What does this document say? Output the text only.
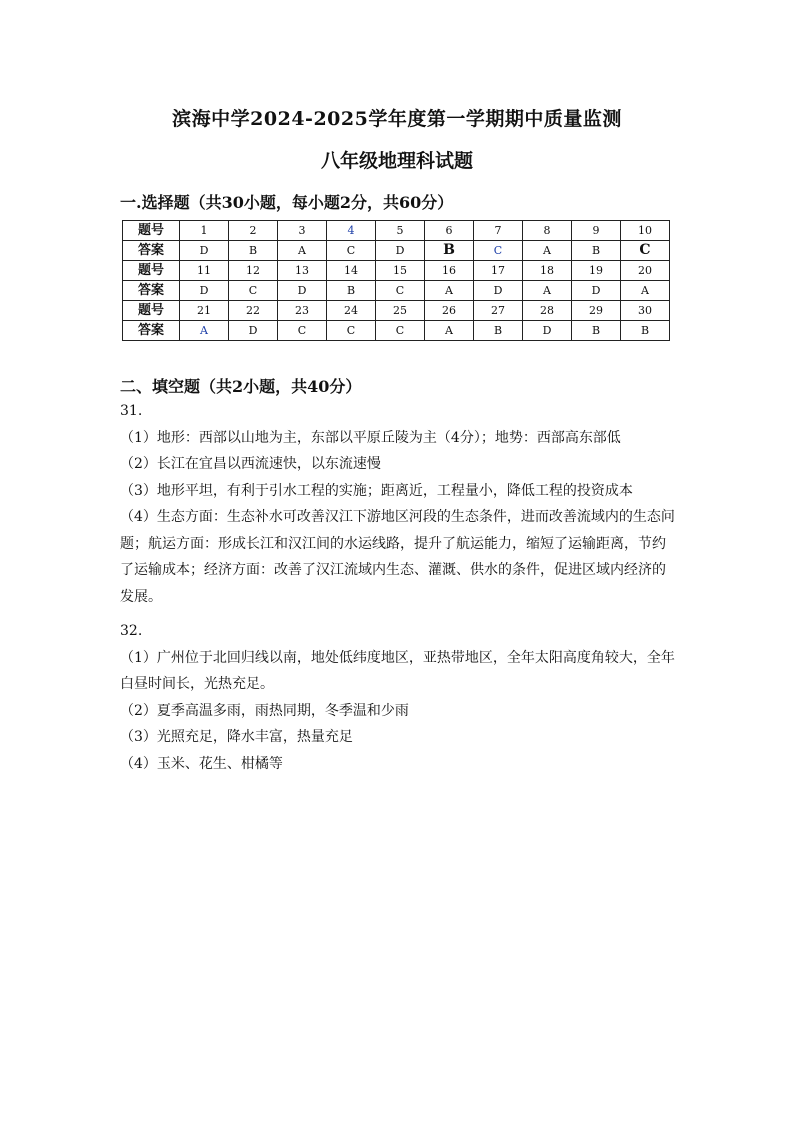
滨海中学2024-2025学年度第一学期期中质量监测
八年级地理科试题
一.选择题（共30小题，每小题2分，共60分）
题号	1	2	3	4	5	6	7	8	9	10
答案	D	B	A	C	D	B	C	A	B	C
题号	11	12	13	14	15	16	17	18	19	20
答案	D	C	D	B	C	A	D	A	D	A
题号	21	22	23	24	25	26	27	28	29	30
答案	A	D	C	C	C	A	B	D	B	B
二、填空题（共2小题，共40分）

31.

（1）地形：西部以山地为主，东部以平原丘陵为主（4分）；地势：西部高东部低

（2）长江在宜昌以西流速快，以东流速慢

（3）地形平坦，有利于引水工程的实施；距离近，工程量小，降低工程的投资成本

（4）生态方面：生态补水可改善汉江下游地区河段的生态条件，进而改善流域内的生态问题；航运方面：形成长江和汉江间的水运线路，提升了航运能力，缩短了运输距离，节约了运输成本；经济方面：改善了汉江流域内生态、灌溉、供水的条件，促进区域内经济的发展。

32.

（1）广州位于北回归线以南，地处低纬度地区，亚热带地区，全年太阳高度角较大，全年白昼时间长，光热充足。

（2）夏季高温多雨，雨热同期，冬季温和少雨

（3）光照充足，降水丰富，热量充足

（4）玉米、花生、柑橘等
